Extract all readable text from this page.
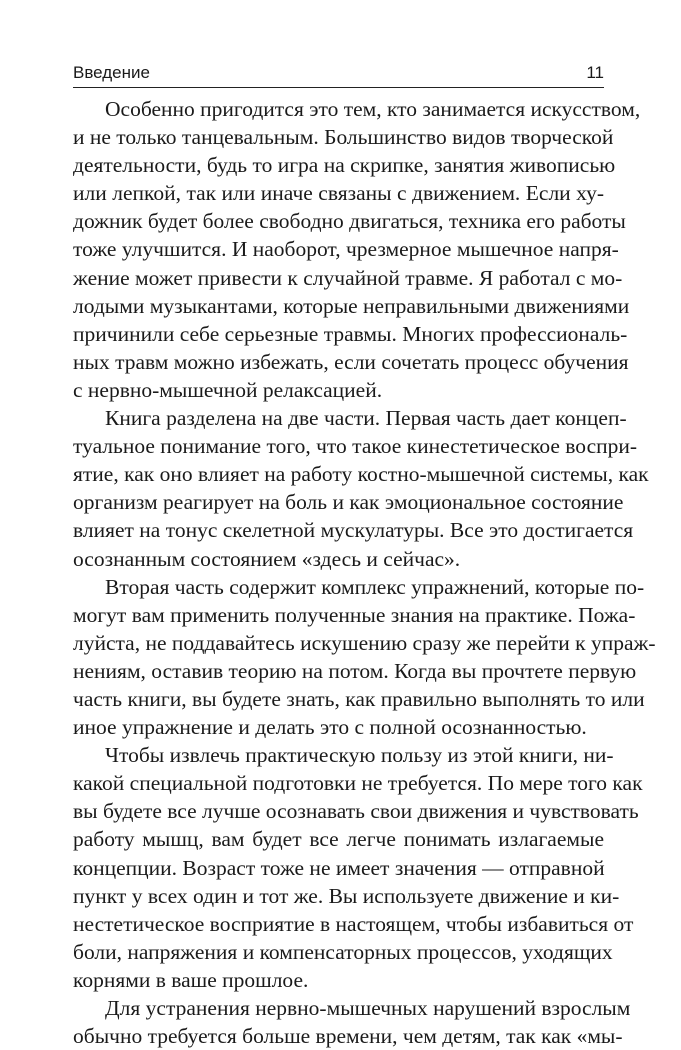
Введение	11
Особенно пригодится это тем, кто занимается искусством,
и не только танцевальным. Большинство видов творческой
деятельности, будь то игра на скрипке, занятия живописью
или лепкой, так или иначе связаны с движением. Если ху-
дожник будет более свободно двигаться, техника его работы
тоже улучшится. И наоборот, чрезмерное мышечное напря-
жение может привести к случайной травме. Я работал с мо-
лодыми музыкантами, которые неправильными движениями
причинили себе серьезные травмы. Многих профессиональ-
ных травм можно избежать, если сочетать процесс обучения
с нервно-мышечной релаксацией.
Книга разделена на две части. Первая часть дает концеп-
туальное понимание того, что такое кинестетическое воспри-
ятие, как оно влияет на работу костно-мышечной системы, как
организм реагирует на боль и как эмоциональное состояние
влияет на тонус скелетной мускулатуры. Все это достигается
осознанным состоянием «здесь и сейчас».
Вторая часть содержит комплекс упражнений, которые по-
могут вам применить полученные знания на практике. Пожа-
луйста, не поддавайтесь искушению сразу же перейти к упраж-
нениям, оставив теорию на потом. Когда вы прочтете первую
часть книги, вы будете знать, как правильно выполнять то или
иное упражнение и делать это с полной осознанностью.
Чтобы извлечь практическую пользу из этой книги, ни-
какой специальной подготовки не требуется. По мере того как
вы будете все лучше осознавать свои движения и чувствовать
работу мышц, вам будет все легче понимать излагаемые
концепции. Возраст тоже не имеет значения — отправной
пункт у всех один и тот же. Вы используете движение и ки-
нестетическое восприятие в настоящем, чтобы избавиться от
боли, напряжения и компенсаторных процессов, уходящих
корнями в ваше прошлое.
Для устранения нервно-мышечных нарушений взрослым
обычно требуется больше времени, чем детям, так как «мы-
